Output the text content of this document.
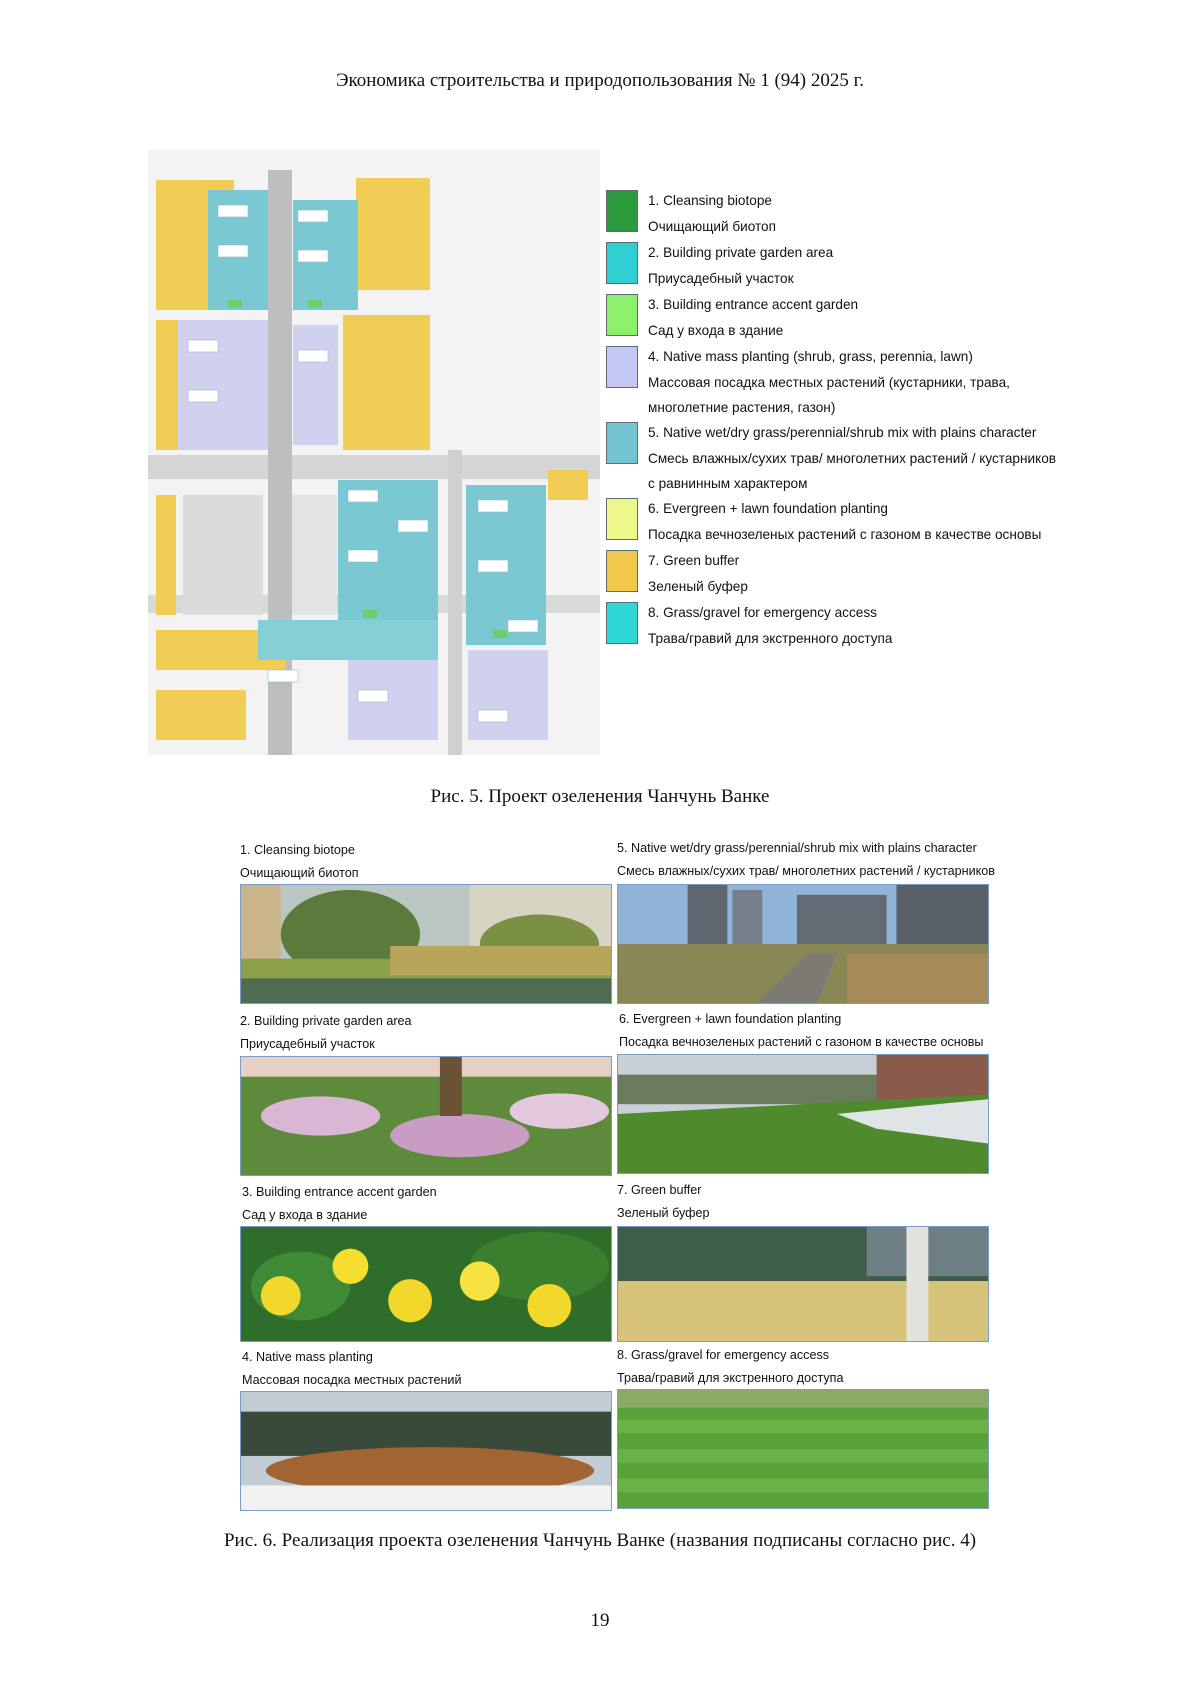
Экономика строительства и природопользования № 1 (94) 2025 г.
1. Cleansing biotope
Очищающий биотоп
2. Building private garden area
Приусадебный участок
3. Building entrance accent garden
Сад у входа в здание
4. Native mass planting (shrub, grass, perennia, lawn)
Массовая посадка местных растений (кустарники, трава,
многолетние растения, газон)
5. Native wet/dry grass/perennial/shrub mix with plains character
Смесь влажных/сухих трав/ многолетних растений / кустарников
с равнинным характером
6. Evergreen + lawn foundation planting
Посадка вечнозеленых растений с газоном в качестве основы
7. Green buffer
Зеленый буфер
8. Grass/gravel for emergency access
Трава/гравий для экстренного доступа
Рис. 5. Проект озеленения Чанчунь Ванке
1. Cleansing biotope
Очищающий биотоп
5. Native wet/dry grass/perennial/shrub mix with plains character
Смесь влажных/сухих трав/ многолетних растений / кустарников
2. Building private garden area
Приусадебный участок
6. Evergreen + lawn foundation planting
Посадка вечнозеленых растений с газоном в качестве основы
3. Building entrance accent garden
Сад у входа в здание
7. Green buffer
Зеленый буфер
4. Native mass planting
Массовая посадка местных растений
8. Grass/gravel for emergency access
Трава/гравий для экстренного доступа
Рис. 6. Реализация проекта озеленения Чанчунь Ванке (названия подписаны согласно рис. 4)
19
